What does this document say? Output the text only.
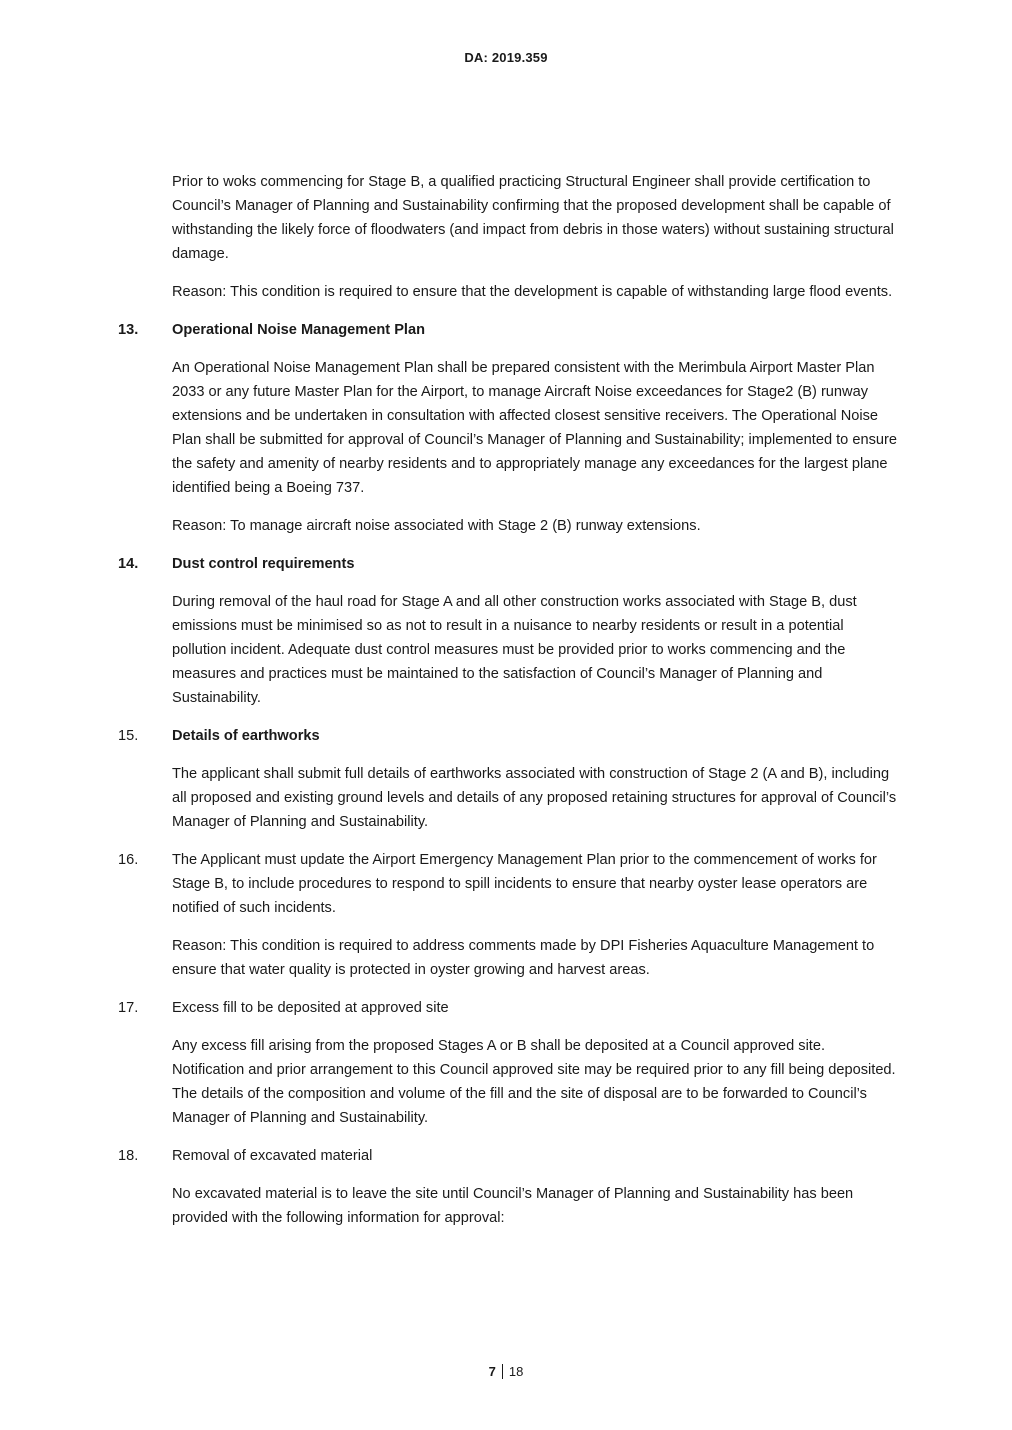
DA: 2019.359

Prior to woks commencing for Stage B, a qualified practicing Structural Engineer shall provide certification to Council’s Manager of Planning and Sustainability confirming that the proposed development shall be capable of withstanding the likely force of floodwaters (and impact from debris in those waters) without sustaining structural damage.

Reason: This condition is required to ensure that the development is capable of withstanding large flood events.

13.	Operational Noise Management Plan

An Operational Noise Management Plan shall be prepared consistent with the Merimbula Airport Master Plan 2033 or any future Master Plan for the Airport, to manage Aircraft Noise exceedances for Stage2 (B) runway extensions and be undertaken in consultation with affected closest sensitive receivers. The Operational Noise Plan shall be submitted for approval of Council’s Manager of Planning and Sustainability; implemented to ensure the safety and amenity of nearby residents and to appropriately manage any exceedances for the largest plane identified being a Boeing 737.

Reason: To manage aircraft noise associated with Stage 2 (B) runway extensions.

14.	Dust control requirements

During removal of the haul road for Stage A and all other construction works associated with Stage B, dust emissions must be minimised so as not to result in a nuisance to nearby residents or result in a potential pollution incident. Adequate dust control measures must be provided prior to works commencing and the measures and practices must be maintained to the satisfaction of Council’s Manager of Planning and Sustainability.

15.	Details of earthworks

The applicant shall submit full details of earthworks associated with construction of Stage 2 (A and B), including all proposed and existing ground levels and details of any proposed retaining structures for approval of Council’s Manager of Planning and Sustainability.

16.	The Applicant must update the Airport Emergency Management Plan prior to the commencement of works for Stage B, to include procedures to respond to spill incidents to ensure that nearby oyster lease operators are notified of such incidents.

Reason: This condition is required to address comments made by DPI Fisheries Aquaculture Management to ensure that water quality is protected in oyster growing and harvest areas.

17.	Excess fill to be deposited at approved site

Any excess fill arising from the proposed Stages A or B shall be deposited at a Council approved site. Notification and prior arrangement to this Council approved site may be required prior to any fill being deposited. The details of the composition and volume of the fill and the site of disposal are to be forwarded to Council’s Manager of Planning and Sustainability.

18.	Removal of excavated material

No excavated material is to leave the site until Council’s Manager of Planning and Sustainability has been provided with the following information for approval:

7 18
